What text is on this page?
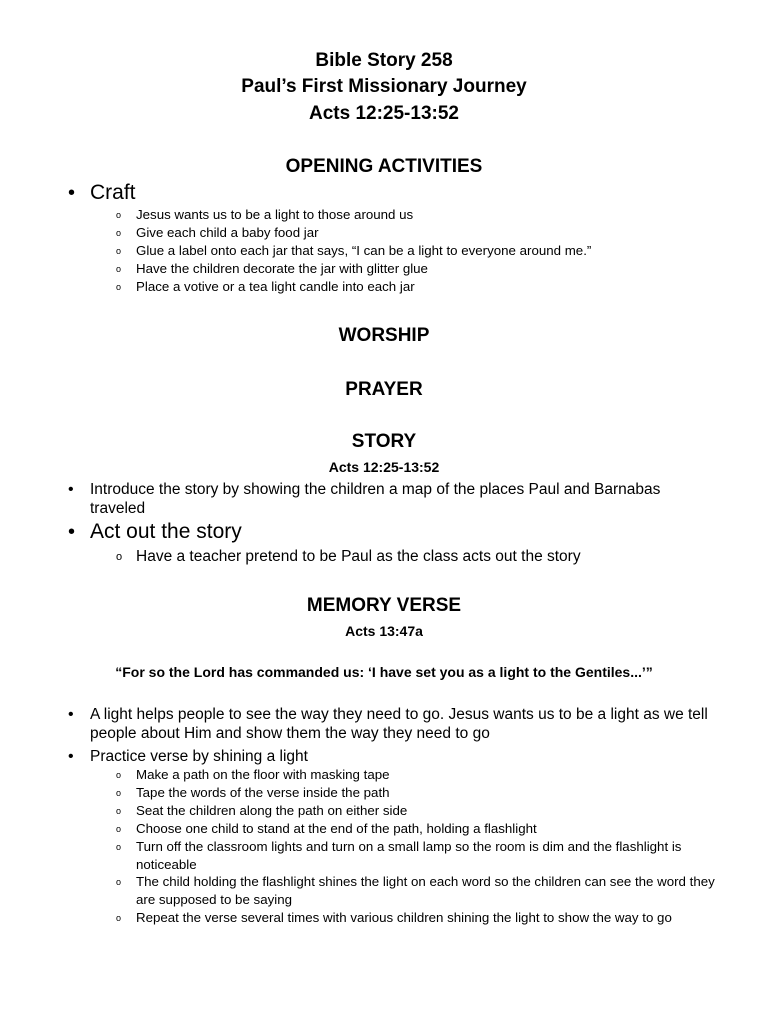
Bible Story 258

Paul’s First Missionary Journey

Acts 12:25-13:52

OPENING ACTIVITIES

• Craft
o Jesus wants us to be a light to those around us
o Give each child a baby food jar
o Glue a label onto each jar that says, “I can be a light to everyone around me.”
o Have the children decorate the jar with glitter glue
o Place a votive or a tea light candle into each jar

WORSHIP

PRAYER

STORY

Acts 12:25-13:52

• Introduce the story by showing the children a map of the places Paul and Barnabas traveled
• Act out the story
o Have a teacher pretend to be Paul as the class acts out the story

MEMORY VERSE

Acts 13:47a

“For so the Lord has commanded us: ‘I have set you as a light to the Gentiles...’”

• A light helps people to see the way they need to go. Jesus wants us to be a light as we tell people about Him and show them the way they need to go
• Practice verse by shining a light
o Make a path on the floor with masking tape
o Tape the words of the verse inside the path
o Seat the children along the path on either side
o Choose one child to stand at the end of the path, holding a flashlight
o Turn off the classroom lights and turn on a small lamp so the room is dim and the flashlight is noticeable
o The child holding the flashlight shines the light on each word so the children can see the word they are supposed to be saying
o Repeat the verse several times with various children shining the light to show the way to go
